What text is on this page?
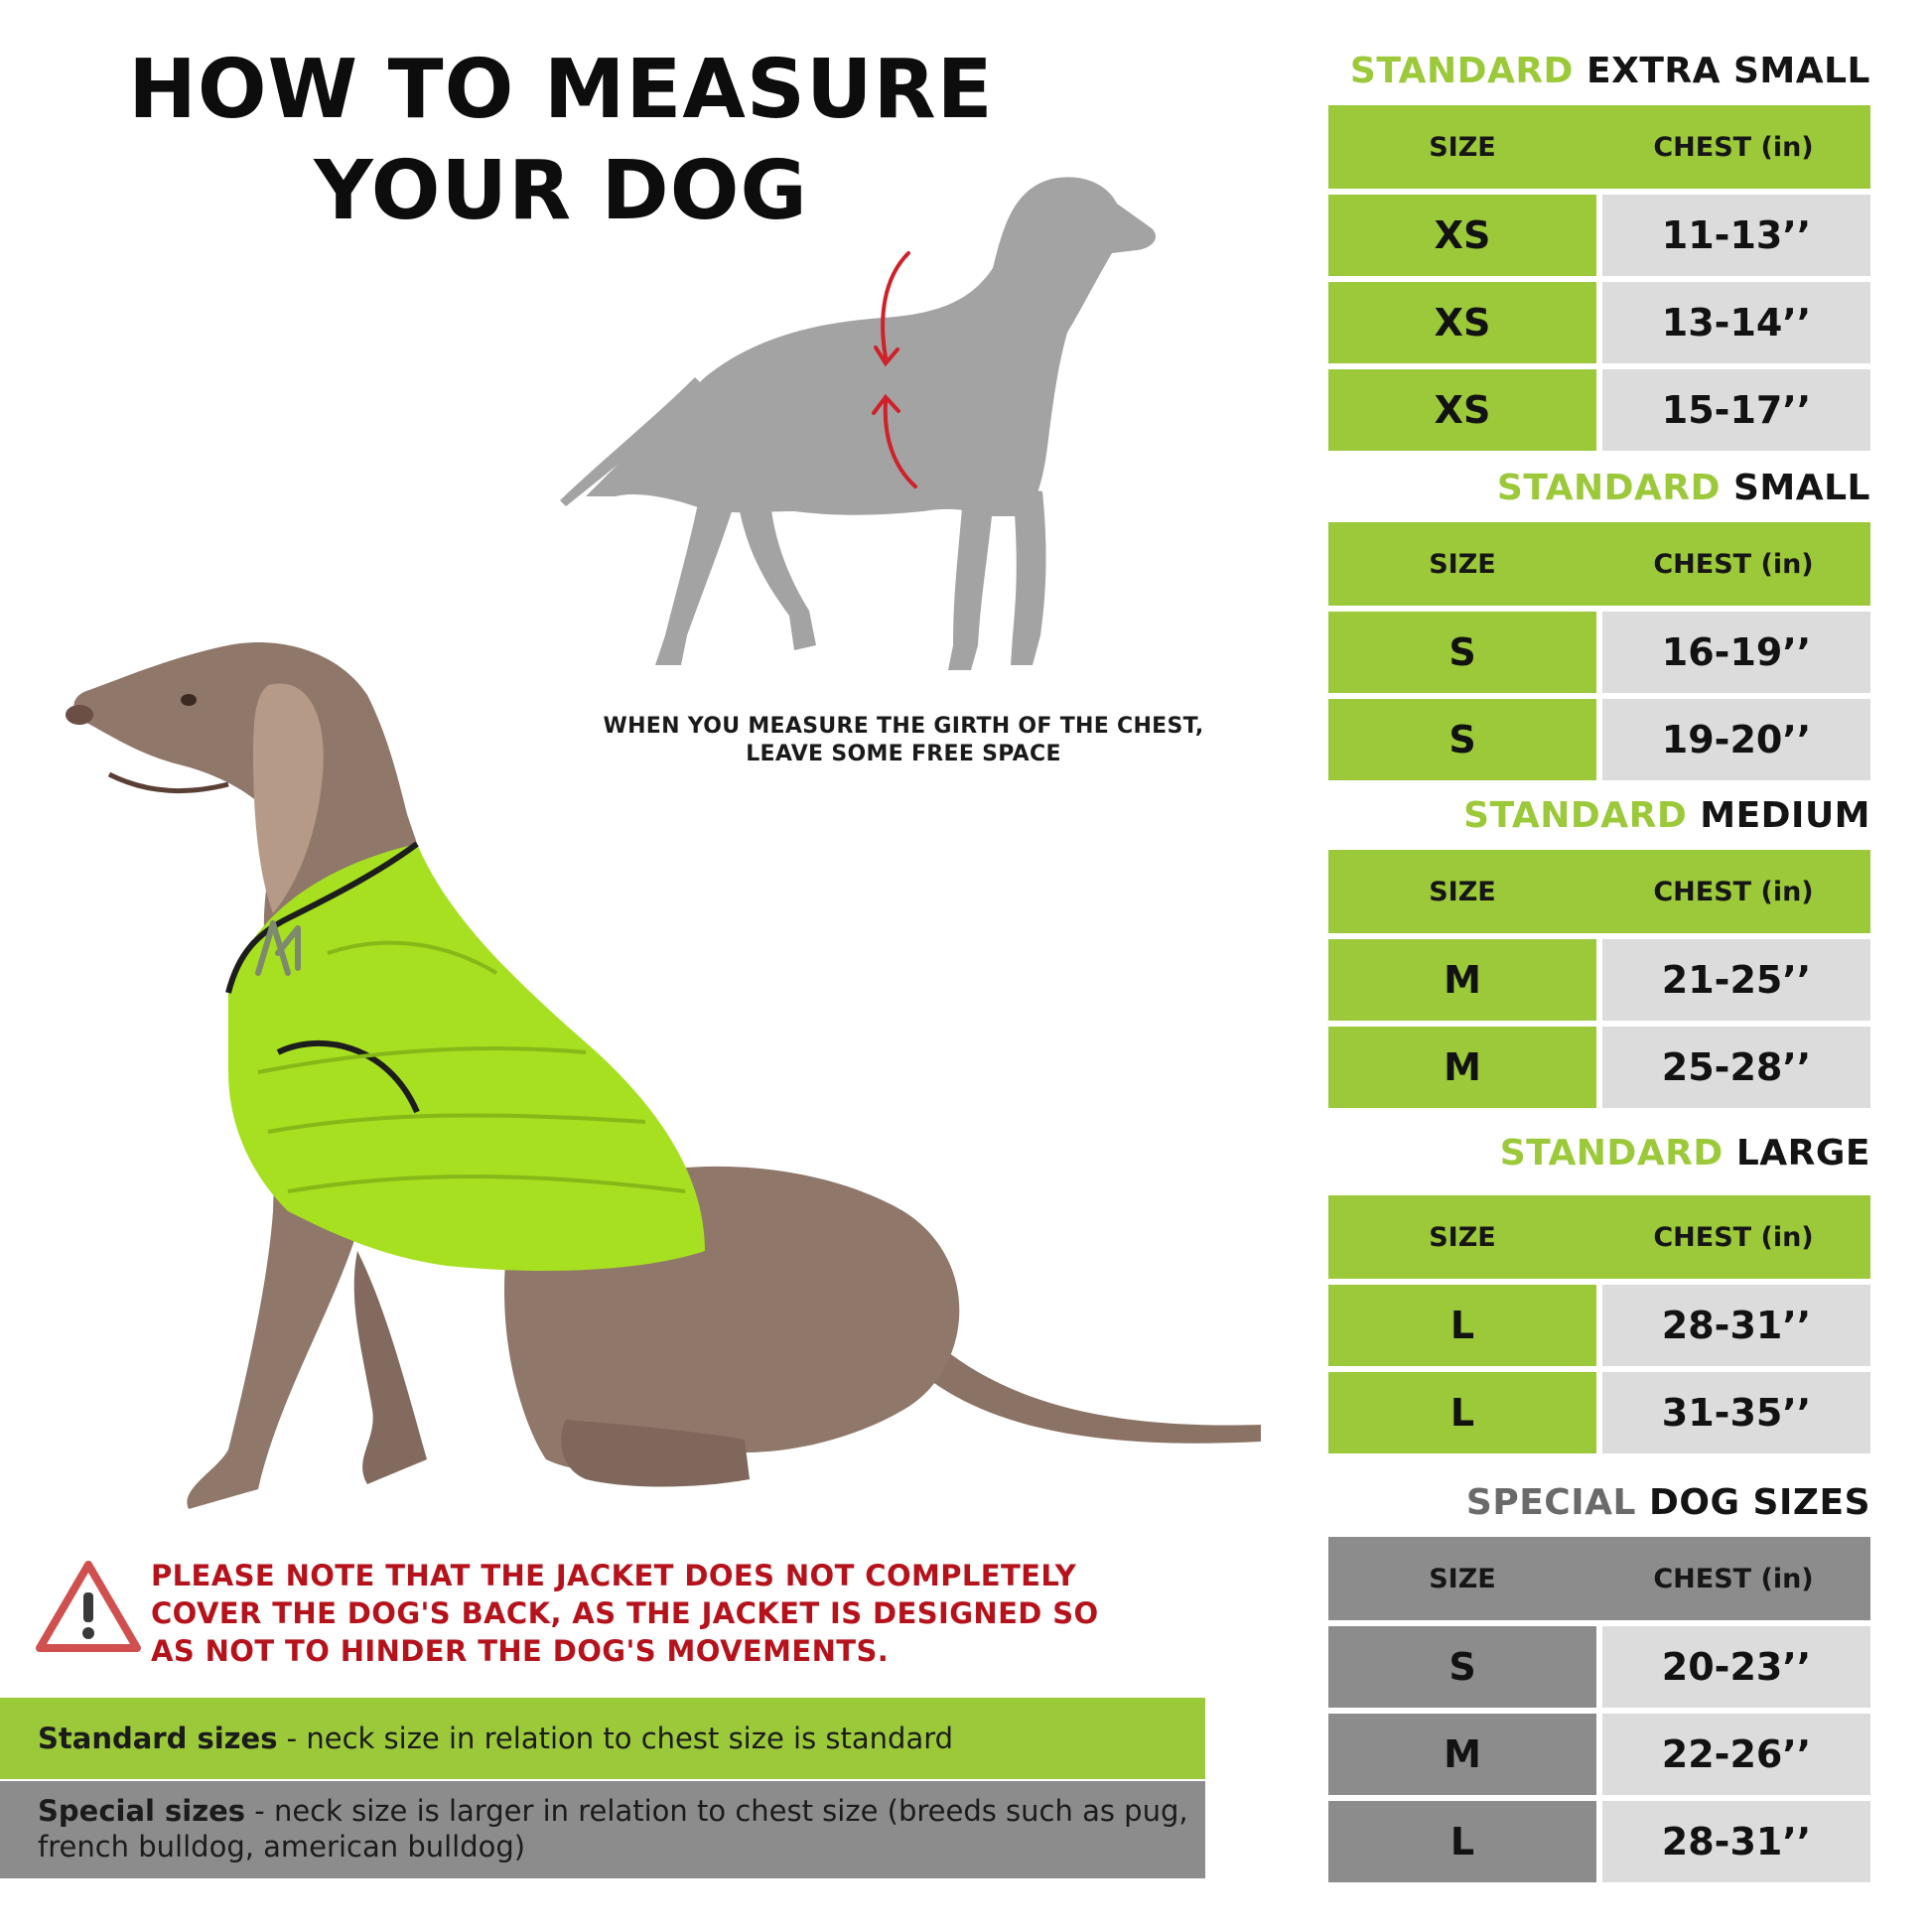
HOW TO MEASURE
YOUR DOG
WHEN YOU MEASURE THE GIRTH OF THE CHEST,
LEAVE SOME FREE SPACE
PLEASE NOTE THAT THE JACKET DOES NOT COMPLETELY
COVER THE DOG'S BACK, AS THE JACKET IS DESIGNED SO
AS NOT TO HINDER THE DOG'S MOVEMENTS.
Standard sizes - neck size in relation to chest size is standard
Special sizes - neck size is larger in relation to chest size (breeds such as pug, french bulldog, american bulldog)
STANDARD EXTRA SMALL
SIZE	CHEST (in)
XS	11-13’’
XS	13-14’’
XS	15-17’’
STANDARD SMALL
SIZE	CHEST (in)
S	16-19’’
S	19-20’’
STANDARD MEDIUM
SIZE	CHEST (in)
M	21-25’’
M	25-28’’
STANDARD LARGE
SIZE	CHEST (in)
L	28-31’’
L	31-35’’
SPECIAL DOG SIZES
SIZE	CHEST (in)
S	20-23’’
M	22-26’’
L	28-31’’
